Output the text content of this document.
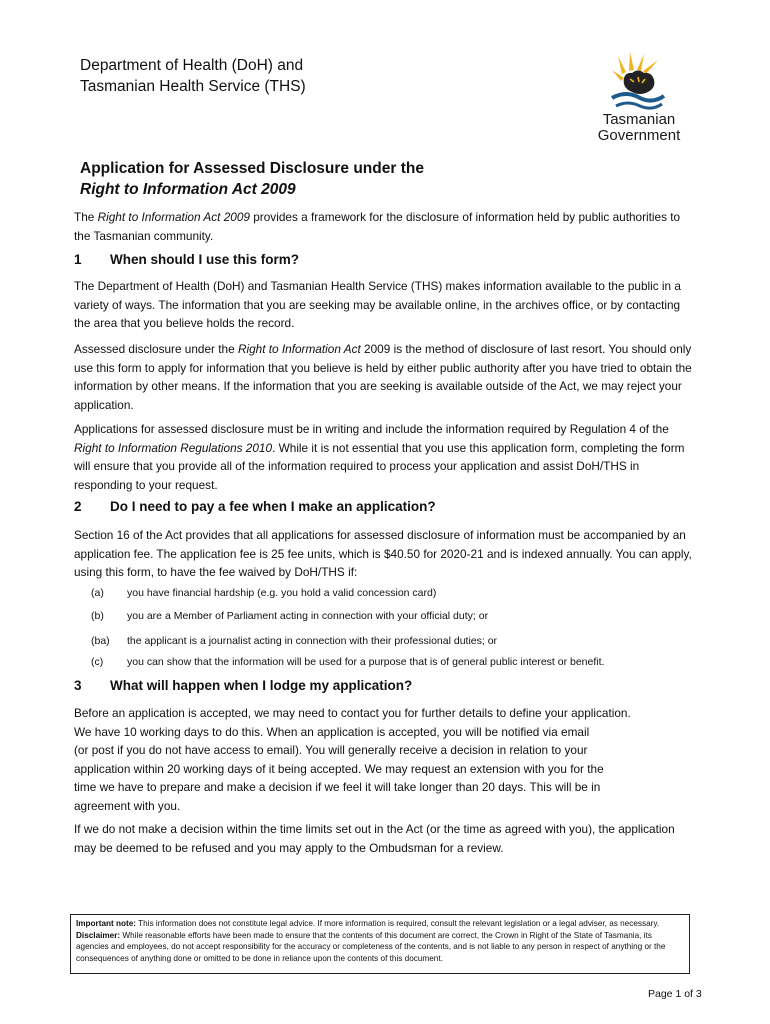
Department of Health (DoH) and
Tasmanian Health Service (THS)
Tasmanian
Government
Application for Assessed Disclosure under the
Right to Information Act 2009

The Right to Information Act 2009 provides a framework for the disclosure of information held by public authorities to the Tasmanian community.

1 When should I use this form?

The Department of Health (DoH) and Tasmanian Health Service (THS) makes information available to the public in a variety of ways. The information that you are seeking may be available online, in the archives office, or by contacting the area that you believe holds the record.

Assessed disclosure under the Right to Information Act 2009 is the method of disclosure of last resort. You should only use this form to apply for information that you believe is held by either public authority after you have tried to obtain the information by other means. If the information that you are seeking is available outside of the Act, we may reject your application.

Applications for assessed disclosure must be in writing and include the information required by Regulation 4 of the Right to Information Regulations 2010. While it is not essential that you use this application form, completing the form will ensure that you provide all of the information required to process your application and assist DoH/THS in responding to your request.

2 Do I need to pay a fee when I make an application?

Section 16 of the Act provides that all applications for assessed disclosure of information must be accompanied by an application fee. The application fee is 25 fee units, which is $40.50 for 2020-21 and is indexed annually. You can apply, using this form, to have the fee waived by DoH/THS if:

(a) you have financial hardship (e.g. you hold a valid concession card)
(b) you are a Member of Parliament acting in connection with your official duty; or
(ba) the applicant is a journalist acting in connection with their professional duties; or
(c) you can show that the information will be used for a purpose that is of general public interest or benefit.
3 What will happen when I lodge my application?
Before an application is accepted, we may need to contact you for further details to define your application.
We have 10 working days to do this. When an application is accepted, you will be notified via email
(or post if you do not have access to email). You will generally receive a decision in relation to your
application within 20 working days of it being accepted. We may request an extension with you for the
time we have to prepare and make a decision if we feel it will take longer than 20 days. This will be in
agreement with you.

If we do not make a decision within the time limits set out in the Act (or the time as agreed with you), the application may be deemed to be refused and you may apply to the Ombudsman for a review.

Important note: This information does not constitute legal advice. If more information is required, consult the relevant legislation or a legal adviser, as necessary. Disclaimer: While reasonable efforts have been made to ensure that the contents of this document are correct, the Crown in Right of the State of Tasmania, its agencies and employees, do not accept responsibility for the accuracy or completeness of the contents, and is not liable to any person in respect of anything or the consequences of anything done or omitted to be done in reliance upon the contents of this document.
Page 1 of 3
